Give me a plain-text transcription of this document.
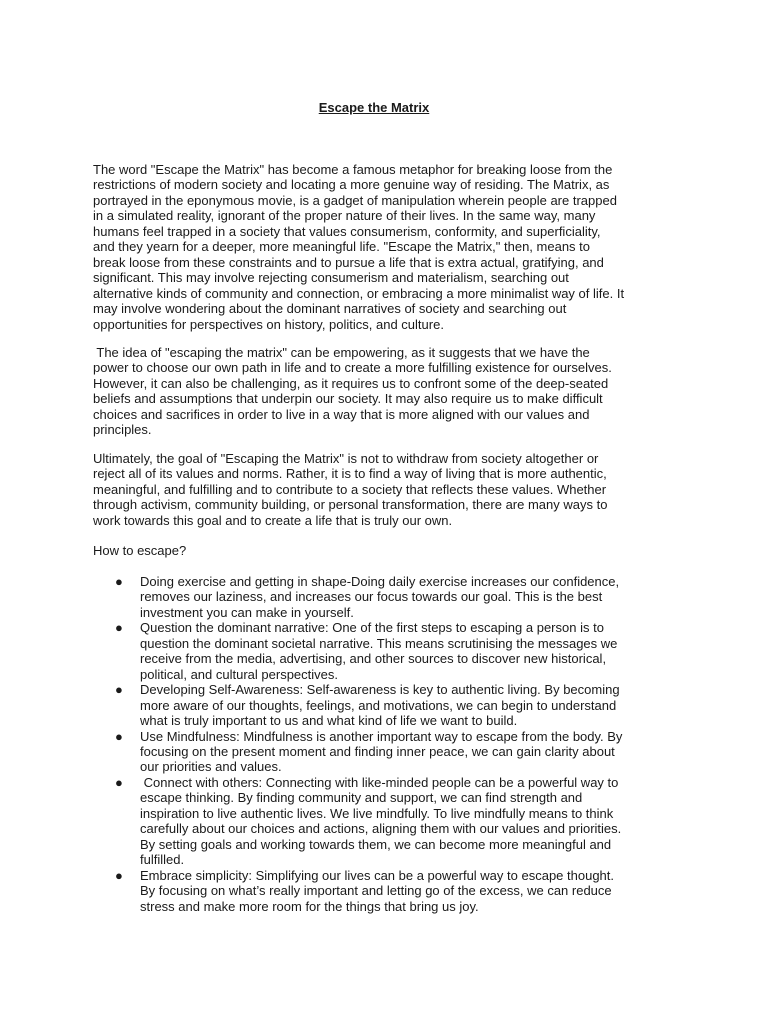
Escape the Matrix
The word "Escape the Matrix" has become a famous metaphor for breaking loose from the
restrictions of modern society and locating a more genuine way of residing. The Matrix, as
portrayed in the eponymous movie, is a gadget of manipulation wherein people are trapped
in a simulated reality, ignorant of the proper nature of their lives. In the same way, many
humans feel trapped in a society that values consumerism, conformity, and superficiality,
and they yearn for a deeper, more meaningful life. "Escape the Matrix," then, means to
break loose from these constraints and to pursue a life that is extra actual, gratifying, and
significant. This may involve rejecting consumerism and materialism, searching out
alternative kinds of community and connection, or embracing a more minimalist way of life. It
may involve wondering about the dominant narratives of society and searching out
opportunities for perspectives on history, politics, and culture.
The idea of "escaping the matrix" can be empowering, as it suggests that we have the
power to choose our own path in life and to create a more fulfilling existence for ourselves.
However, it can also be challenging, as it requires us to confront some of the deep-seated
beliefs and assumptions that underpin our society. It may also require us to make difficult
choices and sacrifices in order to live in a way that is more aligned with our values and
principles.
Ultimately, the goal of "Escaping the Matrix" is not to withdraw from society altogether or
reject all of its values and norms. Rather, it is to find a way of living that is more authentic,
meaningful, and fulfilling and to contribute to a society that reflects these values. Whether
through activism, community building, or personal transformation, there are many ways to
work towards this goal and to create a life that is truly our own.
How to escape?
● Doing exercise and getting in shape-Doing daily exercise increases our confidence,
removes our laziness, and increases our focus towards our goal. This is the best
investment you can make in yourself.
● Question the dominant narrative: One of the first steps to escaping a person is to
question the dominant societal narrative. This means scrutinising the messages we
receive from the media, advertising, and other sources to discover new historical,
political, and cultural perspectives.
● Developing Self-Awareness: Self-awareness is key to authentic living. By becoming
more aware of our thoughts, feelings, and motivations, we can begin to understand
what is truly important to us and what kind of life we want to build.
● Use Mindfulness: Mindfulness is another important way to escape from the body. By
focusing on the present moment and finding inner peace, we can gain clarity about
our priorities and values.
● Connect with others: Connecting with like-minded people can be a powerful way to
escape thinking. By finding community and support, we can find strength and
inspiration to live authentic lives. We live mindfully. To live mindfully means to think
carefully about our choices and actions, aligning them with our values and priorities.
By setting goals and working towards them, we can become more meaningful and
fulfilled.
● Embrace simplicity: Simplifying our lives can be a powerful way to escape thought.
By focusing on what’s really important and letting go of the excess, we can reduce
stress and make more room for the things that bring us joy.
